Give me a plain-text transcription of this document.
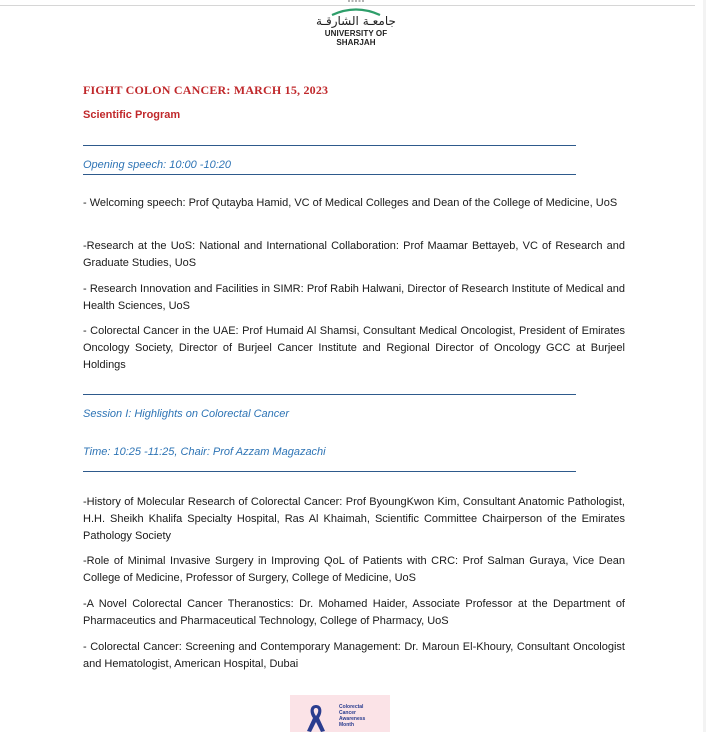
جامعـة الشارقـة
UNIVERSITY OF SHARJAH
FIGHT COLON CANCER: MARCH 15, 2023
Scientific Program
Opening speech: 10:00 -10:20
- Welcoming speech: Prof Qutayba Hamid, VC of Medical Colleges and Dean of the College of Medicine, UoS
-Research at the UoS: National and International Collaboration: Prof Maamar Bettayeb, VC of Research and Graduate Studies, UoS
- Research Innovation and Facilities in SIMR: Prof Rabih Halwani, Director of Research Institute of Medical and Health Sciences, UoS
- Colorectal Cancer in the UAE: Prof Humaid Al Shamsi, Consultant Medical Oncologist, President of Emirates Oncology Society, Director of Burjeel Cancer Institute and Regional Director of Oncology GCC at Burjeel Holdings
Session I: Highlights on Colorectal Cancer
Time: 10:25 -11:25, Chair: Prof Azzam Magazachi
-History of Molecular Research of Colorectal Cancer: Prof ByoungKwon Kim, Consultant Anatomic Pathologist, H.H. Sheikh Khalifa Specialty Hospital, Ras Al Khaimah, Scientific Committee Chairperson of the Emirates Pathology Society
-Role of Minimal Invasive Surgery in Improving QoL of Patients with CRC: Prof Salman Guraya, Vice Dean College of Medicine, Professor of Surgery, College of Medicine, UoS
-A Novel Colorectal Cancer Theranostics: Dr. Mohamed Haider, Associate Professor at the Department of Pharmaceutics and Pharmaceutical Technology, College of Pharmacy, UoS
- Colorectal Cancer: Screening and Contemporary Management: Dr. Maroun El-Khoury, Consultant Oncologist and Hematologist, American Hospital, Dubai
Colorectal
Cancer
Awareness
Month
